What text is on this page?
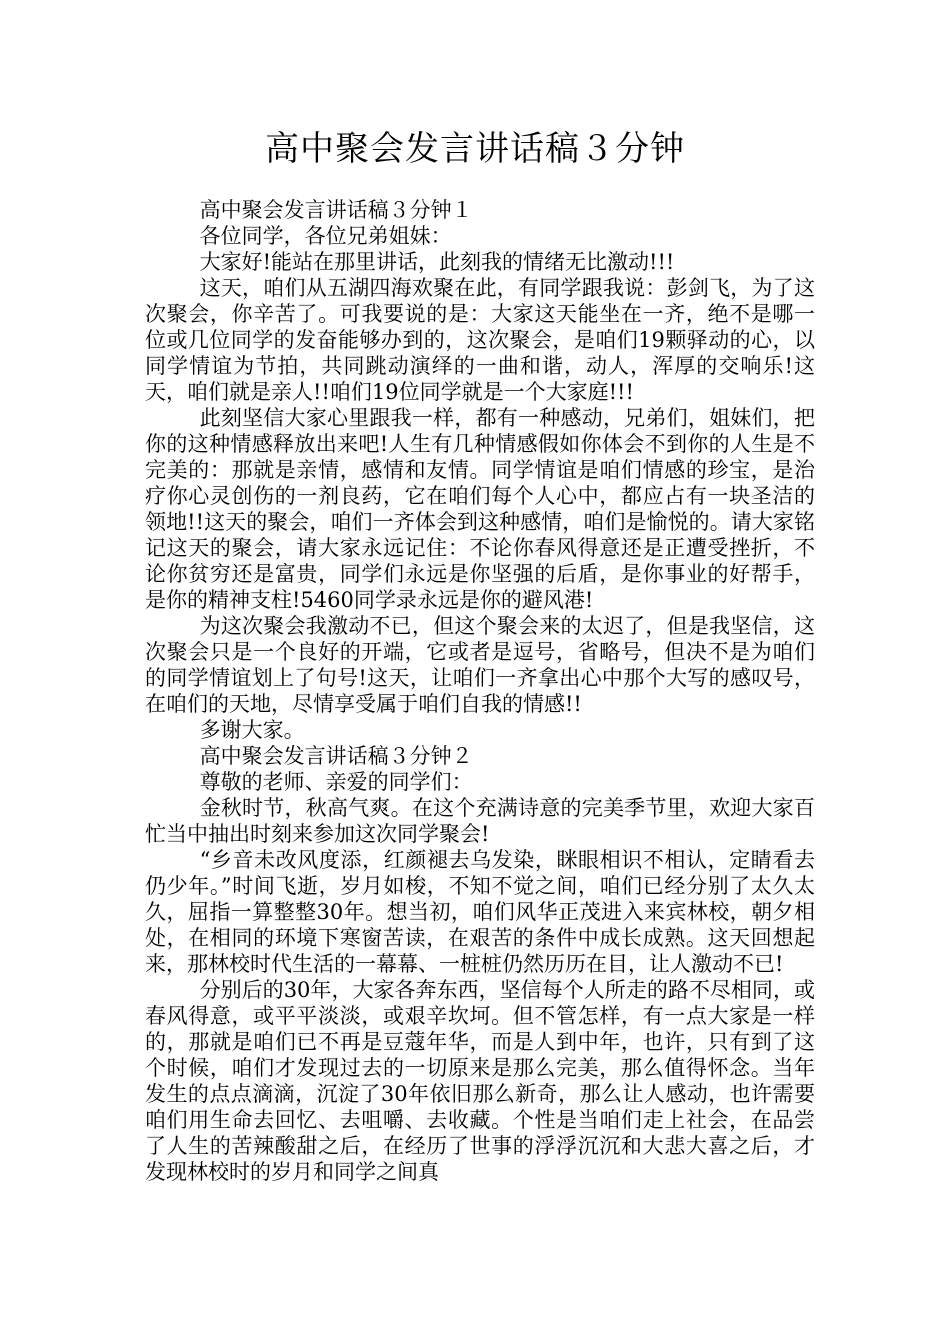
高中聚会发言讲话稿３分钟

高中聚会发言讲话稿３分钟１

各位同学，各位兄弟姐妹：

大家好!能站在那里讲话，此刻我的情绪无比激动!!!

这天，咱们从五湖四海欢聚在此，有同学跟我说：彭剑飞，为了这次聚会，你辛苦了。可我要说的是：大家这天能坐在一齐，绝不是哪一位或几位同学的发奋能够办到的，这次聚会，是咱们19颗驿动的心，以同学情谊为节拍，共同跳动演绎的一曲和谐，动人，浑厚的交响乐!这天，咱们就是亲人!!咱们19位同学就是一个大家庭!!!

此刻坚信大家心里跟我一样，都有一种感动，兄弟们，姐妹们，把你的这种情感释放出来吧!人生有几种情感假如你体会不到你的人生是不完美的：那就是亲情，感情和友情。同学情谊是咱们情感的珍宝，是治疗你心灵创伤的一剂良药，它在咱们每个人心中，都应占有一块圣洁的领地!!这天的聚会，咱们一齐体会到这种感情，咱们是愉悦的。请大家铭记这天的聚会，请大家永远记住：不论你春风得意还是正遭受挫折，不论你贫穷还是富贵，同学们永远是你坚强的后盾，是你事业的好帮手，是你的精神支柱!5460同学录永远是你的避风港!

为这次聚会我激动不已，但这个聚会来的太迟了，但是我坚信，这次聚会只是一个良好的开端，它或者是逗号，省略号，但决不是为咱们的同学情谊划上了句号!这天，让咱们一齐拿出心中那个大写的感叹号，在咱们的天地，尽情享受属于咱们自我的情感!!

多谢大家。

高中聚会发言讲话稿３分钟２

尊敬的老师、亲爱的同学们：

金秋时节，秋高气爽。在这个充满诗意的完美季节里，欢迎大家百忙当中抽出时刻来参加这次同学聚会!

“乡音未改风度添，红颜褪去乌发染，眯眼相识不相认，定睛看去仍少年。”时间飞逝，岁月如梭，不知不觉之间，咱们已经分别了太久太久，屈指一算整整30年。想当初，咱们风华正茂进入来宾林校，朝夕相处，在相同的环境下寒窗苦读，在艰苦的条件中成长成熟。这天回想起来，那林校时代生活的一幕幕、一桩桩仍然历历在目，让人激动不已!

分别后的30年，大家各奔东西，坚信每个人所走的路不尽相同，或春风得意，或平平淡淡，或艰辛坎坷。但不管怎样，有一点大家是一样的，那就是咱们已不再是豆蔻年华，而是人到中年，也许，只有到了这个时候，咱们才发现过去的一切原来是那么完美，那么值得怀念。当年发生的点点滴滴，沉淀了30年依旧那么新奇，那么让人感动，也许需要咱们用生命去回忆、去咀嚼、去收藏。个性是当咱们走上社会，在品尝了人生的苦辣酸甜之后，在经历了世事的浮浮沉沉和大悲大喜之后，才发现林校时的岁月和同学之间真
